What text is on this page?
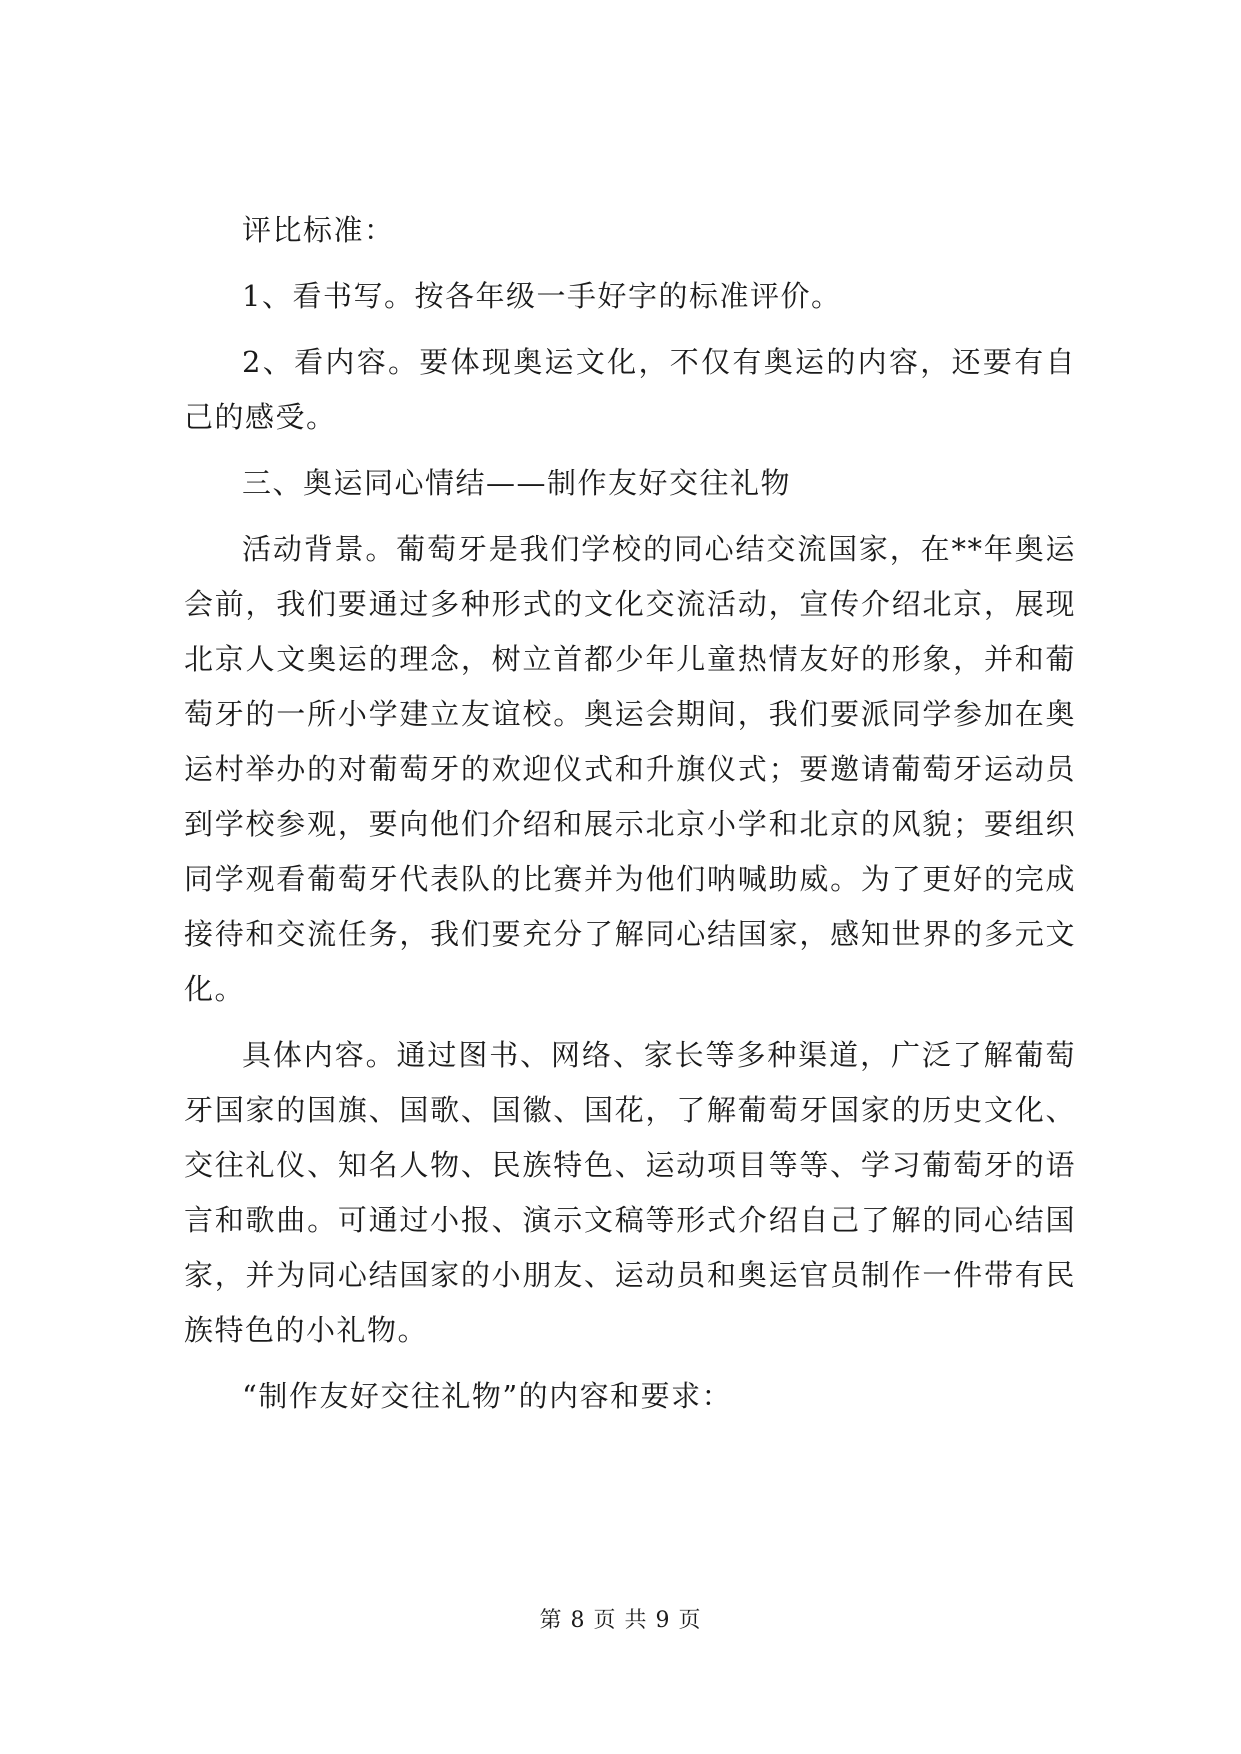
评比标准：

1、看书写。按各年级一手好字的标准评价。

2、看内容。要体现奥运文化，不仅有奥运的内容，还要有自己的感受。

三、奥运同心情结——制作友好交往礼物

活动背景。葡萄牙是我们学校的同心结交流国家，在**年奥运会前，我们要通过多种形式的文化交流活动，宣传介绍北京，展现北京人文奥运的理念，树立首都少年儿童热情友好的形象，并和葡萄牙的一所小学建立友谊校。奥运会期间，我们要派同学参加在奥运村举办的对葡萄牙的欢迎仪式和升旗仪式；要邀请葡萄牙运动员到学校参观，要向他们介绍和展示北京小学和北京的风貌；要组织同学观看葡萄牙代表队的比赛并为他们呐喊助威。为了更好的完成接待和交流任务，我们要充分了解同心结国家，感知世界的多元文化。

具体内容。通过图书、网络、家长等多种渠道，广泛了解葡萄牙国家的国旗、国歌、国徽、国花，了解葡萄牙国家的历史文化、交往礼仪、知名人物、民族特色、运动项目等等、学习葡萄牙的语言和歌曲。可通过小报、演示文稿等形式介绍自己了解的同心结国家，并为同心结国家的小朋友、运动员和奥运官员制作一件带有民族特色的小礼物。

“制作友好交往礼物”的内容和要求：

第 8 页 共 9 页
